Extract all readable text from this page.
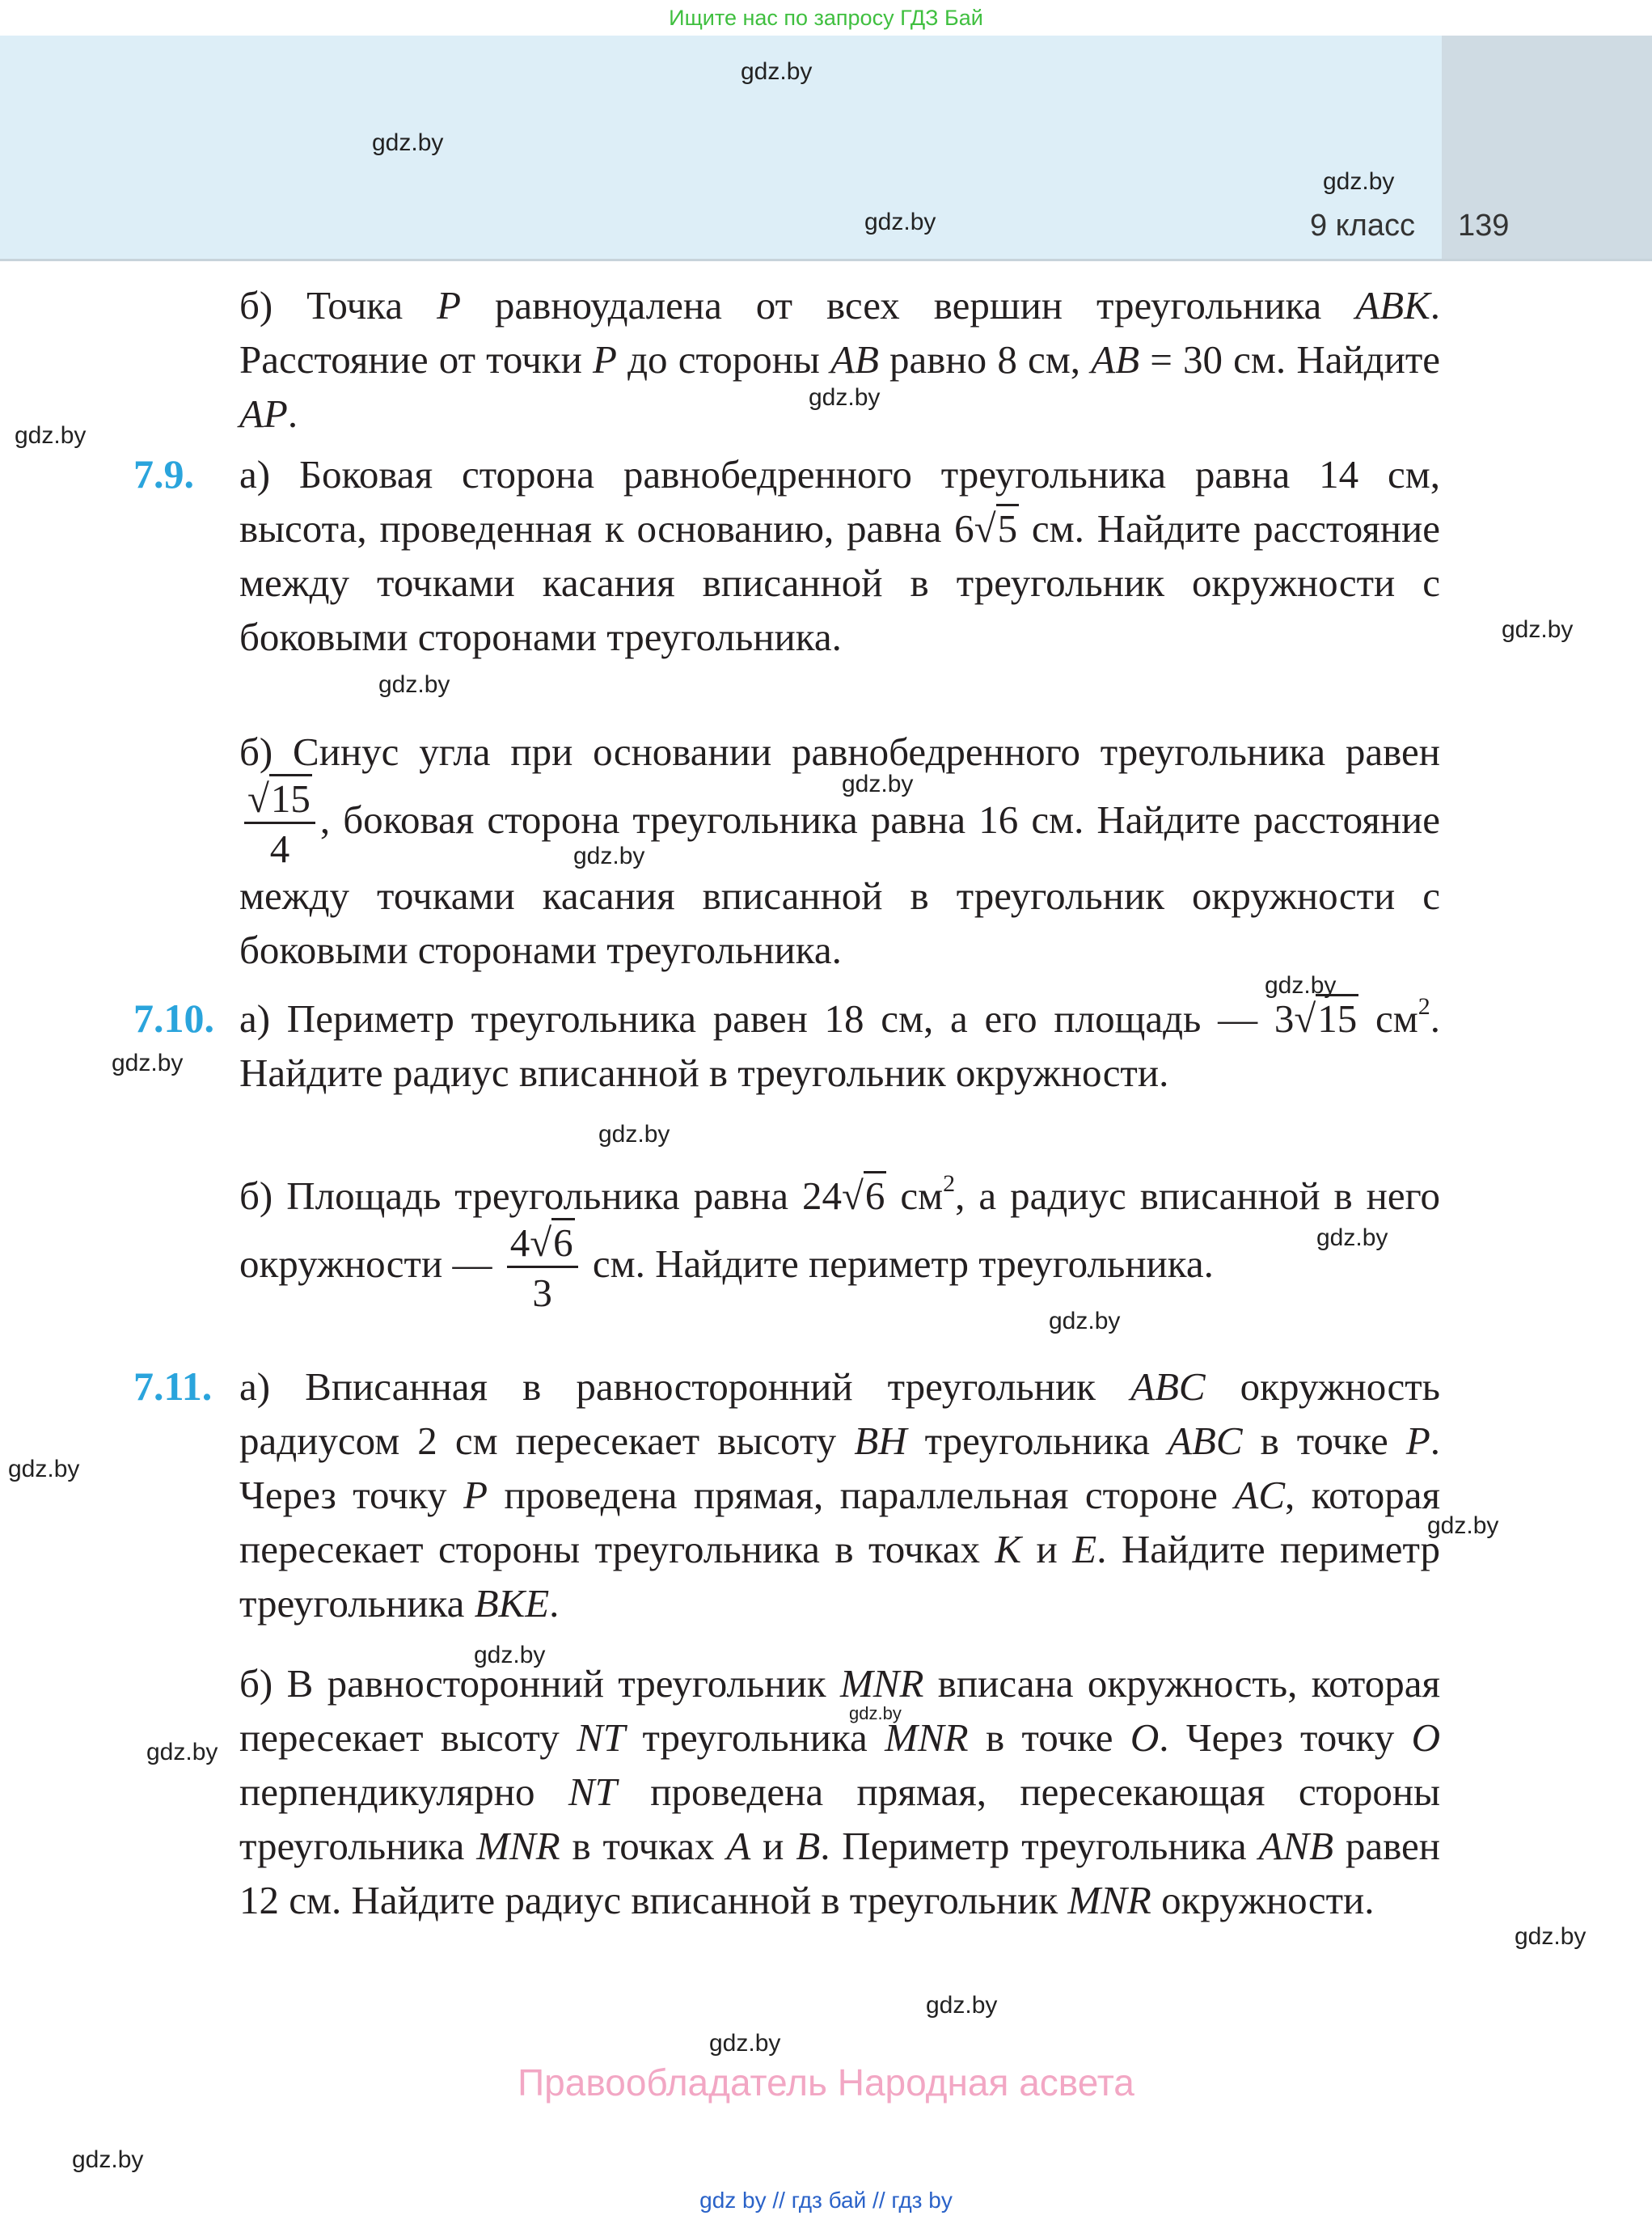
Ищите нас по запросу ГДЗ Бай
9 класс 139
gdz.by
gdz.by
gdz.by
gdz.by
gdz.by
gdz.by
gdz.by
gdz.by
gdz.by
gdz.by
gdz.by
gdz.by
gdz.by
gdz.by
gdz.by
gdz.by
gdz.by
gdz.by
gdz.by
gdz.by
gdz.by
gdz.by
gdz.by
gdz.by
б) Точка P равноудалена от всех вершин треугольника ABK. Расстояние от точки P до стороны AB равно 8 см, AB = 30 см. Найдите AP.
7.9. а) Боковая сторона равнобедренного треугольника равна 14 см, высота, проведенная к основанию, равна 6√5 см. Найдите расстояние между точками касания вписанной в треугольник окружности с боковыми сторонами треугольника.
б) Синус угла при основании равнобедренного треугольника равен
$\frac{√15}{4}$ , боковая сторона треугольника равна 16 см. Найдите расстояние между точками касания вписанной в треугольник окружности с боковыми сторонами треугольника.
7.10. а) Периметр треугольника равен 18 см, а его площадь — 3√15 $см^2$. Найдите радиус вписанной в треугольник окружности.
б) Площадь треугольника равна 24√6 $см^2$, а радиус вписанной в него окружности — $\frac{4√6}{3}$ см. Найдите периметр треугольника.
7.11. а) Вписанная в равносторонний треугольник ABC окружность радиусом 2 см пересекает высоту BH треугольника ABC в точке P. Через точку P проведена прямая, параллельная стороне AC, которая пересекает стороны треугольника в точках K и E. Найдите периметр треугольника BKE.
б) В равносторонний треугольник MNR вписана окружность, которая пересекает высоту NT треугольника MNR в точке O. Через точку O перпендикулярно NT проведена прямая, пересекающая стороны треугольника MNR в точках A и B. Периметр треугольника ANB равен 12 см. Найдите радиус вписанной в треугольник MNR окружности.
Правообладатель Народная асвета
gdz by // гдз бай // гдз by
